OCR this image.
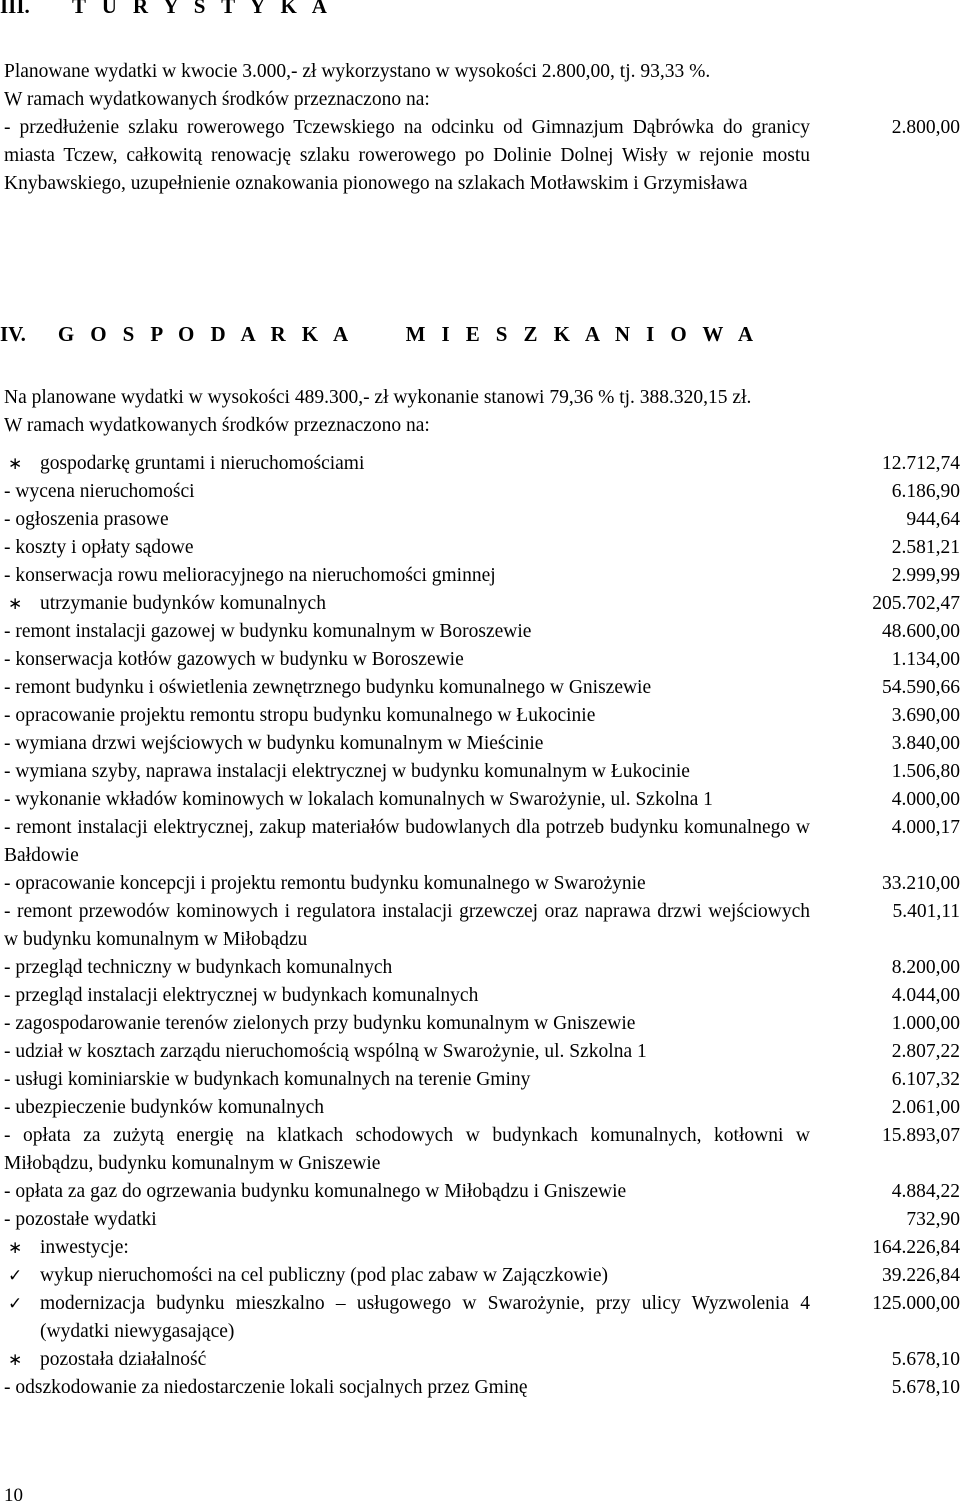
III. T U R Y S T Y K A

Planowane wydatki w kwocie 3.000,- zł wykorzystano w wysokości 2.800,00, tj. 93,33 %.

W ramach wydatkowanych środków przeznaczono na:

- przedłużenie szlaku rowerowego Tczewskiego na odcinku od Gimnazjum Dąbrówka do granicy miasta Tczew, całkowitą renowację szlaku rowerowego po Dolinie Dolnej Wisły w rejonie mostu Knybawskiego, uzupełnienie oznakowania pionowego na szlakach Motławskim i Grzymisława
2.800,00
IV. G O S P O D A R K A     M I E S Z K A N I O W A

Na planowane wydatki w wysokości 489.300,- zł wykonanie stanowi 79,36 % tj. 388.320,15 zł.

W ramach wydatkowanych środków przeznaczono na:

∗ gospodarkę gruntami i nieruchomościami	12.712,74
- wycena nieruchomości	6.186,90
- ogłoszenia prasowe	944,64
- koszty i opłaty sądowe	2.581,21
- konserwacja rowu melioracyjnego na nieruchomości gminnej	2.999,99
∗ utrzymanie budynków komunalnych	205.702,47
- remont instalacji gazowej w budynku komunalnym w Boroszewie	48.600,00
- konserwacja kotłów gazowych w budynku w Boroszewie	1.134,00
- remont budynku i oświetlenia zewnętrznego budynku komunalnego w Gniszewie	54.590,66
- opracowanie projektu remontu stropu budynku komunalnego w Łukocinie	3.690,00
- wymiana drzwi wejściowych w budynku komunalnym w Mieścinie	3.840,00
- wymiana szyby, naprawa instalacji elektrycznej w budynku komunalnym w Łukocinie	1.506,80
- wykonanie wkładów kominowych w lokalach komunalnych w Swarożynie, ul. Szkolna 1	4.000,00
- remont instalacji elektrycznej, zakup materiałów budowlanych dla potrzeb budynku komunalnego w Bałdowie
4.000,17
- opracowanie koncepcji i projektu remontu budynku komunalnego w Swarożynie	33.210,00
- remont przewodów kominowych i regulatora instalacji grzewczej oraz naprawa drzwi wejściowych w budynku komunalnym w Miłobądzu
5.401,11
- przegląd techniczny w budynkach komunalnych	8.200,00
- przegląd instalacji elektrycznej w budynkach komunalnych	4.044,00
- zagospodarowanie terenów zielonych przy budynku komunalnym w Gniszewie	1.000,00
- udział w kosztach zarządu nieruchomością wspólną w Swarożynie, ul. Szkolna 1	2.807,22
- usługi kominiarskie w budynkach komunalnych na terenie Gminy	6.107,32
- ubezpieczenie budynków komunalnych	2.061,00
- opłata za zużytą energię na klatkach schodowych w budynkach komunalnych, kotłowni w Miłobądzu, budynku komunalnym w Gniszewie
15.893,07
- opłata za gaz do ogrzewania budynku komunalnego w Miłobądzu i Gniszewie	4.884,22
- pozostałe wydatki	732,90
∗ inwestycje:	164.226,84
✓ wykup nieruchomości na cel publiczny (pod plac zabaw w Zajączkowie)	39.226,84
✓ modernizacja budynku mieszkalno – usługowego w Swarożynie, przy ulicy Wyzwolenia 4 (wydatki niewygasające)
125.000,00
∗ pozostała działalność	5.678,10
- odszkodowanie za niedostarczenie lokali socjalnych przez Gminę	5.678,10
10
